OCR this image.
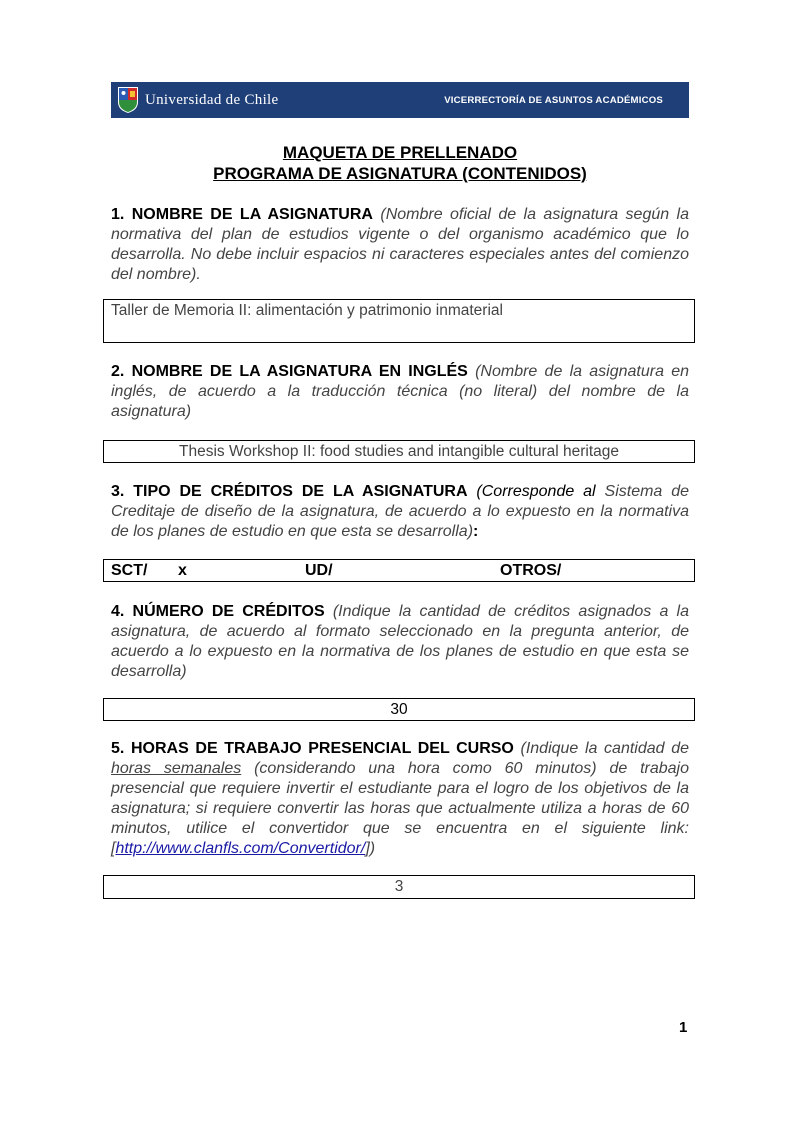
Universidad de Chile	VICERRECTORÍA DE ASUNTOS ACADÉMICOS
MAQUETA DE PRELLENADO
PROGRAMA DE ASIGNATURA (CONTENIDOS)
1. NOMBRE DE LA ASIGNATURA (Nombre oficial de la asignatura según la normativa del plan de estudios vigente o del organismo académico que lo desarrolla. No debe incluir espacios ni caracteres especiales antes del comienzo del nombre).
Taller de Memoria II: alimentación y patrimonio inmaterial
2. NOMBRE DE LA ASIGNATURA EN INGLÉS (Nombre de la asignatura en inglés, de acuerdo a la traducción técnica (no literal) del nombre de la asignatura)
Thesis Workshop II: food studies and intangible cultural heritage
3. TIPO DE CRÉDITOS DE LA ASIGNATURA (Corresponde al Sistema de Creditaje de diseño de la asignatura, de acuerdo a lo expuesto en la normativa de los planes de estudio en que esta se desarrolla):
SCT/ x	UD/	OTROS/
4. NÚMERO DE CRÉDITOS (Indique la cantidad de créditos asignados a la asignatura, de acuerdo al formato seleccionado en la pregunta anterior, de acuerdo a lo expuesto en la normativa de los planes de estudio en que esta se desarrolla)
30
5. HORAS DE TRABAJO PRESENCIAL DEL CURSO (Indique la cantidad de horas semanales (considerando una hora como 60 minutos) de trabajo presencial que requiere invertir el estudiante para el logro de los objetivos de la asignatura; si requiere convertir las horas que actualmente utiliza a horas de 60 minutos, utilice el convertidor que se encuentra en el siguiente link: [http://www.clanfls.com/Convertidor/])
3
1
